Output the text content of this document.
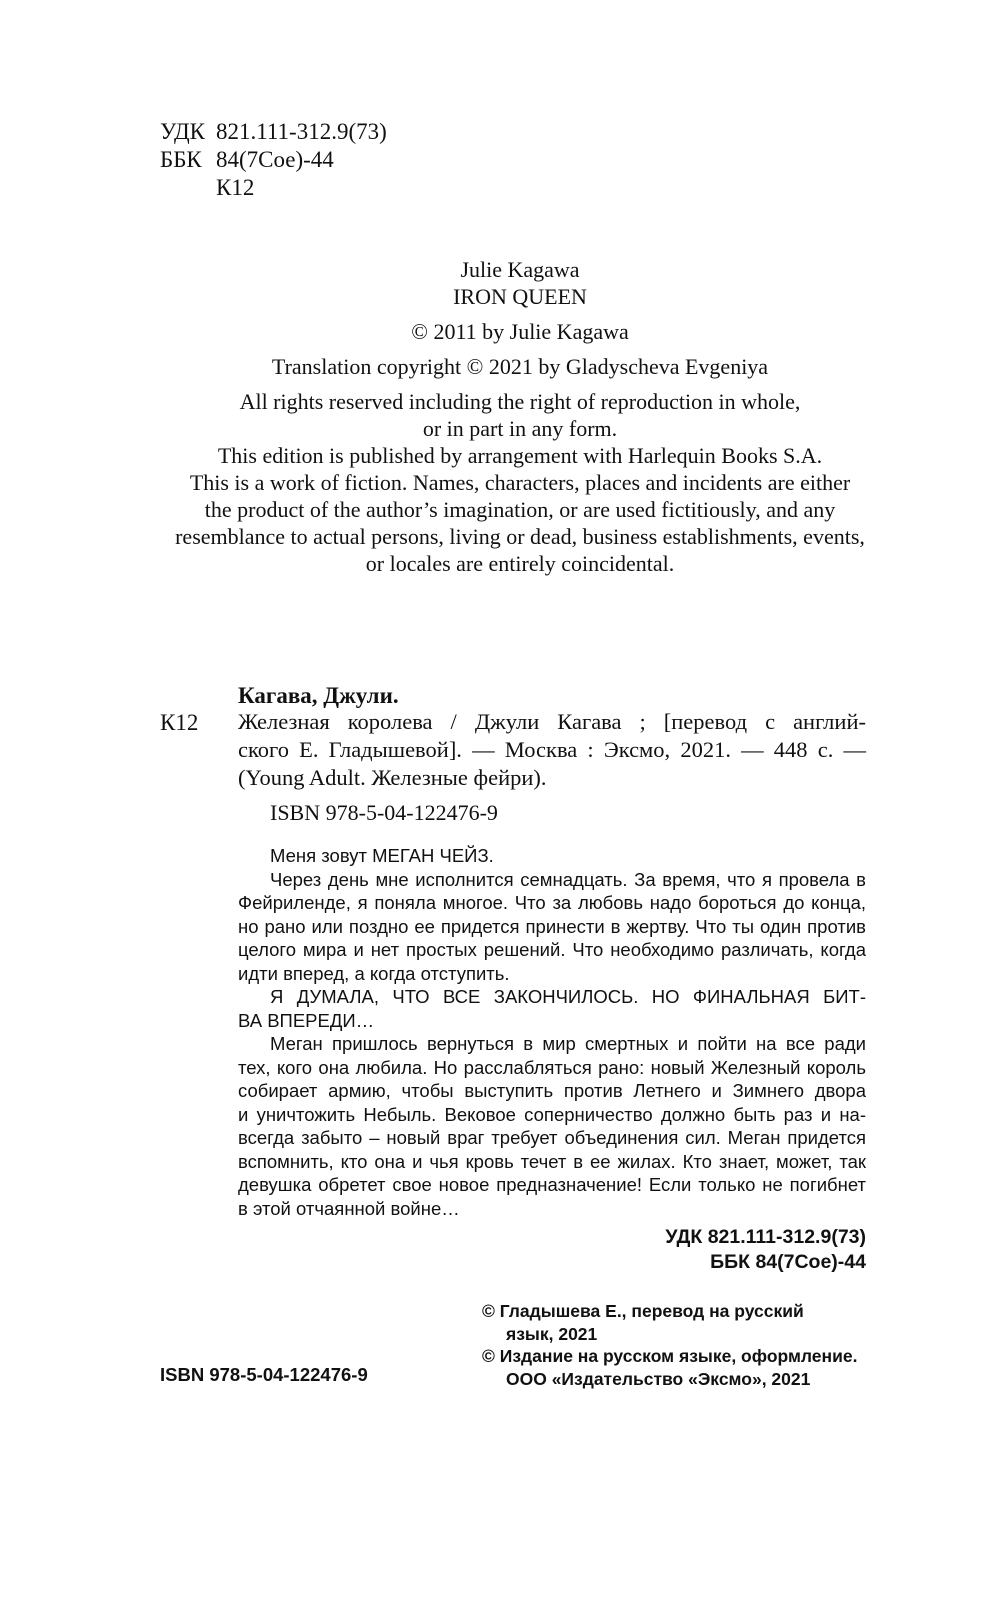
УДК 821.111-312.9(73)
ББК 84(7Сое)-44
К12
Julie Kagawa
IRON QUEEN
© 2011 by Julie Kagawa
Translation copyright © 2021 by Gladyscheva Evgeniya
All rights reserved including the right of reproduction in whole,
or in part in any form.
This edition is published by arrangement with Harlequin Books S.A.
This is a work of fiction. Names, characters, places and incidents are either
the product of the author’s imagination, or are used fictitiously, and any
resemblance to actual persons, living or dead, business establishments, events,
or locales are entirely coincidental.
Кагава, Джули.
К12 Железная королева / Джули Кагава ; [перевод с англий-
ского Е. Гладышевой]. — Москва : Эксмо, 2021. — 448 с. —
(Young Adult. Железные фейри).
ISBN 978-5-04-122476-9
Меня зовут МЕГАН ЧЕЙЗ.
Через день мне исполнится семнадцать. За время, что я провела в
Фейриленде, я поняла многое. Что за любовь надо бороться до конца,
но рано или поздно ее придется принести в жертву. Что ты один против
целого мира и нет простых решений. Что необходимо различать, когда
идти вперед, а когда отступить.
Я ДУМАЛА, ЧТО ВСЕ ЗАКОНЧИЛОСЬ. НО ФИНАЛЬНАЯ БИТ-
ВА ВПЕРЕДИ…
Меган пришлось вернуться в мир смертных и пойти на все ради
тех, кого она любила. Но расслабляться рано: новый Железный король
собирает армию, чтобы выступить против Летнего и Зимнего двора
и уничтожить Небыль. Вековое соперничество должно быть раз и на-
всегда забыто – новый враг требует объединения сил. Меган придется
вспомнить, кто она и чья кровь течет в ее жилах. Кто знает, может, так
девушка обретет свое новое предназначение! Если только не погибнет
в этой отчаянной войне…
УДК 821.111-312.9(73)
ББК 84(7Сое)-44
© Гладышева Е., перевод на русский
язык, 2021
© Издание на русском языке, оформление.
ООО «Издательство «Эксмо», 2021
ISBN 978-5-04-122476-9
